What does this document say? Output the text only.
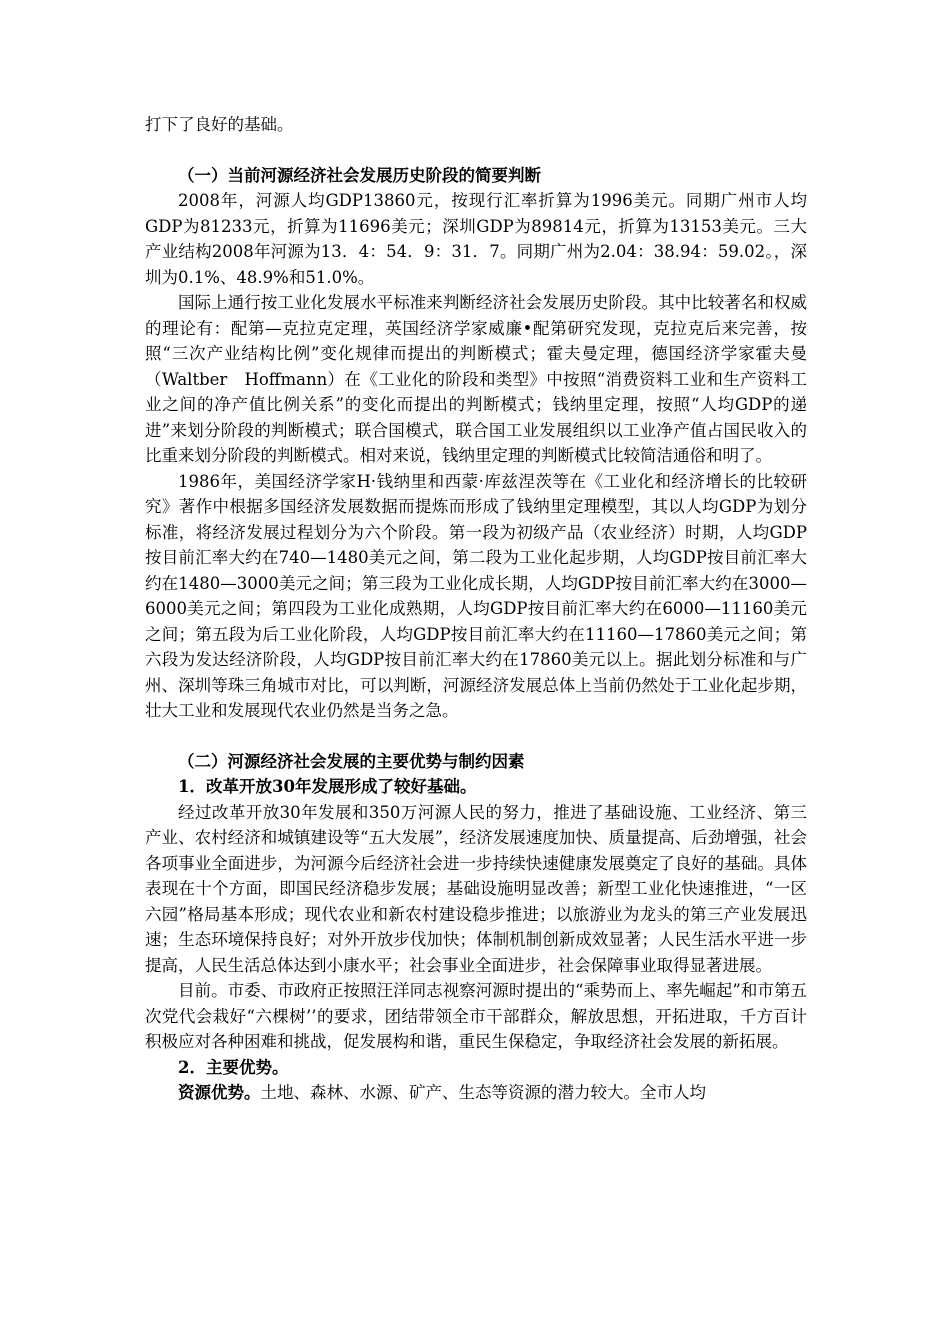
打下了良好的基础。

（一）当前河源经济社会发展历史阶段的简要判断

2008年，河源人均GDP13860元，按现行汇率折算为1996美元。同期广州市人均GDP为81233元，折算为11696美元；深圳GDP为89814元，折算为13153美元。三大产业结构2008年河源为13．4：54．9：31．7。同期广州为2.04：38.94：59.02。，深圳为0.1%、48.9%和51.0%。

国际上通行按工业化发展水平标准来判断经济社会发展历史阶段。其中比较著名和权威的理论有：配第—克拉克定理，英国经济学家威廉•配第研究发现，克拉克后来完善，按照“三次产业结构比例”变化规律而提出的判断模式；霍夫曼定理，德国经济学家霍夫曼（Waltber　Hoffmann）在《工业化的阶段和类型》中按照“消费资料工业和生产资料工业之间的净产值比例关系”的变化而提出的判断模式；钱纳里定理，按照“人均GDP的递进”来划分阶段的判断模式；联合国模式，联合国工业发展组织以工业净产值占国民收入的比重来划分阶段的判断模式。相对来说，钱纳里定理的判断模式比较简洁通俗和明了。

1986年，美国经济学家H·钱纳里和西蒙·库兹涅茨等在《工业化和经济增长的比较研究》著作中根据多国经济发展数据而提炼而形成了钱纳里定理模型，其以人均GDP为划分标准，将经济发展过程划分为六个阶段。第一段为初级产品（农业经济）时期，人均GDP按目前汇率大约在740—1480美元之间，第二段为工业化起步期，人均GDP按目前汇率大约在1480—3000美元之间；第三段为工业化成长期，人均GDP按目前汇率大约在3000—6000美元之间；第四段为工业化成熟期，人均GDP按目前汇率大约在6000—11160美元之间；第五段为后工业化阶段，人均GDP按目前汇率大约在11160—17860美元之间；第六段为发达经济阶段，人均GDP按目前汇率大约在17860美元以上。据此划分标准和与广州、深圳等珠三角城市对比，可以判断，河源经济发展总体上当前仍然处于工业化起步期，壮大工业和发展现代农业仍然是当务之急。

（二）河源经济社会发展的主要优势与制约因素

1．改革开放30年发展形成了较好基础。

经过改革开放30年发展和350万河源人民的努力，推进了基础设施、工业经济、第三产业、农村经济和城镇建设等“五大发展”，经济发展速度加快、质量提高、后劲增强，社会各项事业全面进步，为河源今后经济社会进一步持续快速健康发展奠定了良好的基础。具体表现在十个方面，即国民经济稳步发展；基础设施明显改善；新型工业化快速推进，“一区六园”格局基本形成；现代农业和新农村建设稳步推进；以旅游业为龙头的第三产业发展迅速；生态环境保持良好；对外开放步伐加快；体制机制创新成效显著；人民生活水平进一步提高，人民生活总体达到小康水平；社会事业全面进步，社会保障事业取得显著进展。

目前。市委、市政府正按照汪洋同志视察河源时提出的“乘势而上、率先崛起”和市第五次党代会栽好“六棵树’’的要求，团结带领全市干部群众，解放思想，开拓进取，千方百计积极应对各种困难和挑战，促发展构和谐，重民生保稳定，争取经济社会发展的新拓展。

2．主要优势。

资源优势。土地、森林、水源、矿产、生态等资源的潜力较大。全市人均
